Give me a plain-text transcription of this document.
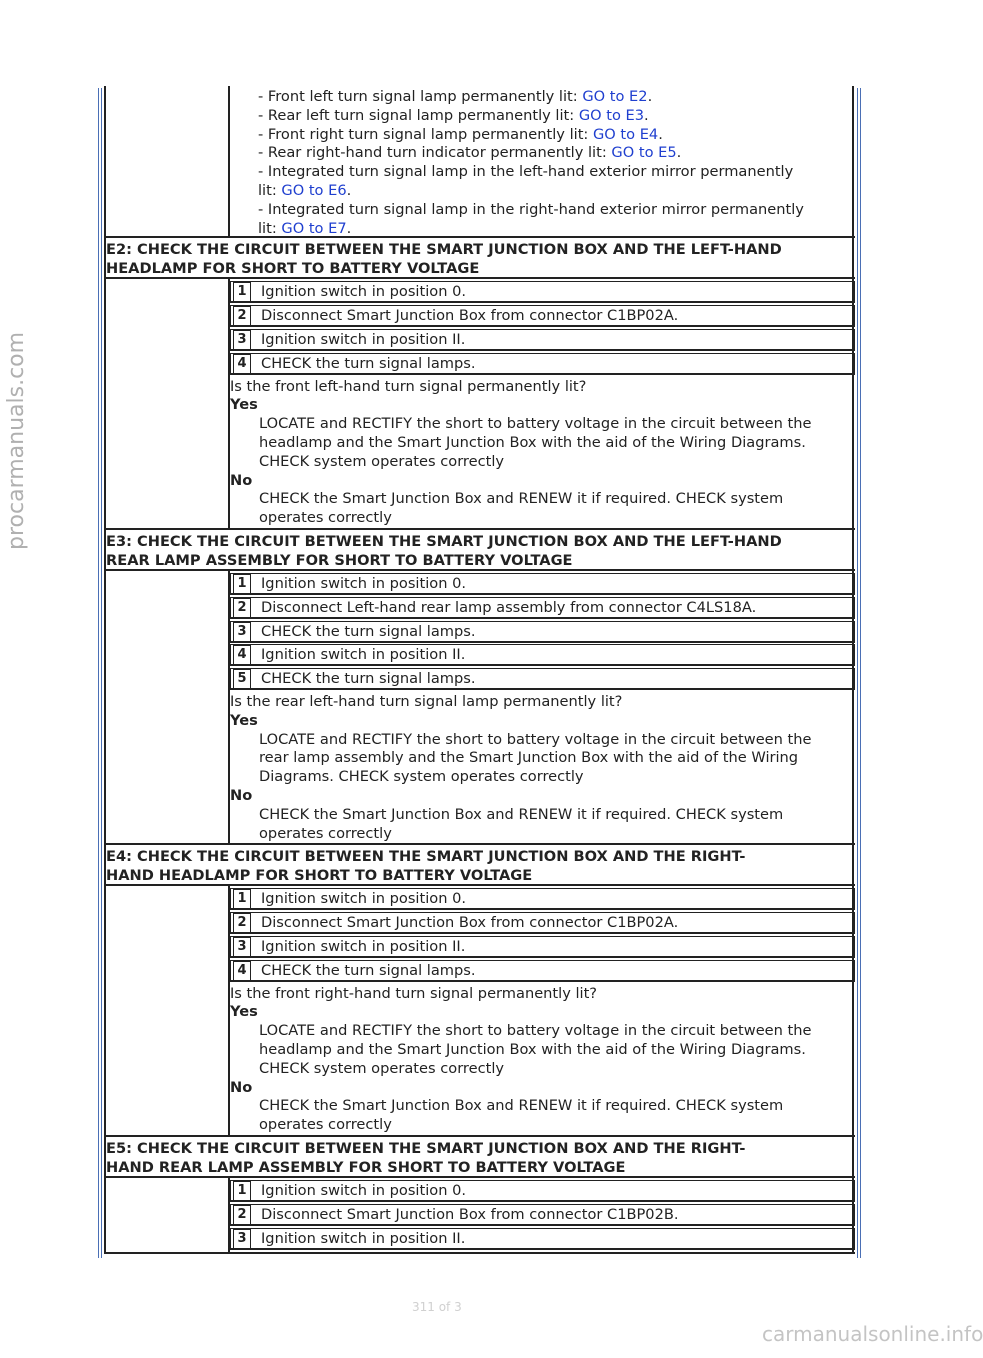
- Front left turn signal lamp permanently lit: GO to E2.
- Rear left turn signal lamp permanently lit: GO to E3.
- Front right turn signal lamp permanently lit: GO to E4.
- Rear right-hand turn indicator permanently lit: GO to E5.
- Integrated turn signal lamp in the left-hand exterior mirror permanently
lit: GO to E6.
- Integrated turn signal lamp in the right-hand exterior mirror permanently
lit: GO to E7.
E2: CHECK THE CIRCUIT BETWEEN THE SMART JUNCTION BOX AND THE LEFT-HAND
HEADLAMP FOR SHORT TO BATTERY VOLTAGE
1 Ignition switch in position 0.
2 Disconnect Smart Junction Box from connector C1BP02A.
3 Ignition switch in position II.
4 CHECK the turn signal lamps.
Is the front left-hand turn signal permanently lit?
Yes
LOCATE and RECTIFY the short to battery voltage in the circuit between the
headlamp and the Smart Junction Box with the aid of the Wiring Diagrams.
CHECK system operates correctly
No
CHECK the Smart Junction Box and RENEW it if required. CHECK system
operates correctly
E3: CHECK THE CIRCUIT BETWEEN THE SMART JUNCTION BOX AND THE LEFT-HAND
REAR LAMP ASSEMBLY FOR SHORT TO BATTERY VOLTAGE
1 Ignition switch in position 0.
2 Disconnect Left-hand rear lamp assembly from connector C4LS18A.
3 CHECK the turn signal lamps.
4 Ignition switch in position II.
5 CHECK the turn signal lamps.
Is the rear left-hand turn signal lamp permanently lit?
Yes
LOCATE and RECTIFY the short to battery voltage in the circuit between the
rear lamp assembly and the Smart Junction Box with the aid of the Wiring
Diagrams. CHECK system operates correctly
No
CHECK the Smart Junction Box and RENEW it if required. CHECK system
operates correctly
E4: CHECK THE CIRCUIT BETWEEN THE SMART JUNCTION BOX AND THE RIGHT-
HAND HEADLAMP FOR SHORT TO BATTERY VOLTAGE
1 Ignition switch in position 0.
2 Disconnect Smart Junction Box from connector C1BP02A.
3 Ignition switch in position II.
4 CHECK the turn signal lamps.
Is the front right-hand turn signal permanently lit?
Yes
LOCATE and RECTIFY the short to battery voltage in the circuit between the
headlamp and the Smart Junction Box with the aid of the Wiring Diagrams.
CHECK system operates correctly
No
CHECK the Smart Junction Box and RENEW it if required. CHECK system
operates correctly
E5: CHECK THE CIRCUIT BETWEEN THE SMART JUNCTION BOX AND THE RIGHT-
HAND REAR LAMP ASSEMBLY FOR SHORT TO BATTERY VOLTAGE
1 Ignition switch in position 0.
2 Disconnect Smart Junction Box from connector C1BP02B.
3 Ignition switch in position II.
procarmanuals.com
311 of 3
carmanualsonline.info
